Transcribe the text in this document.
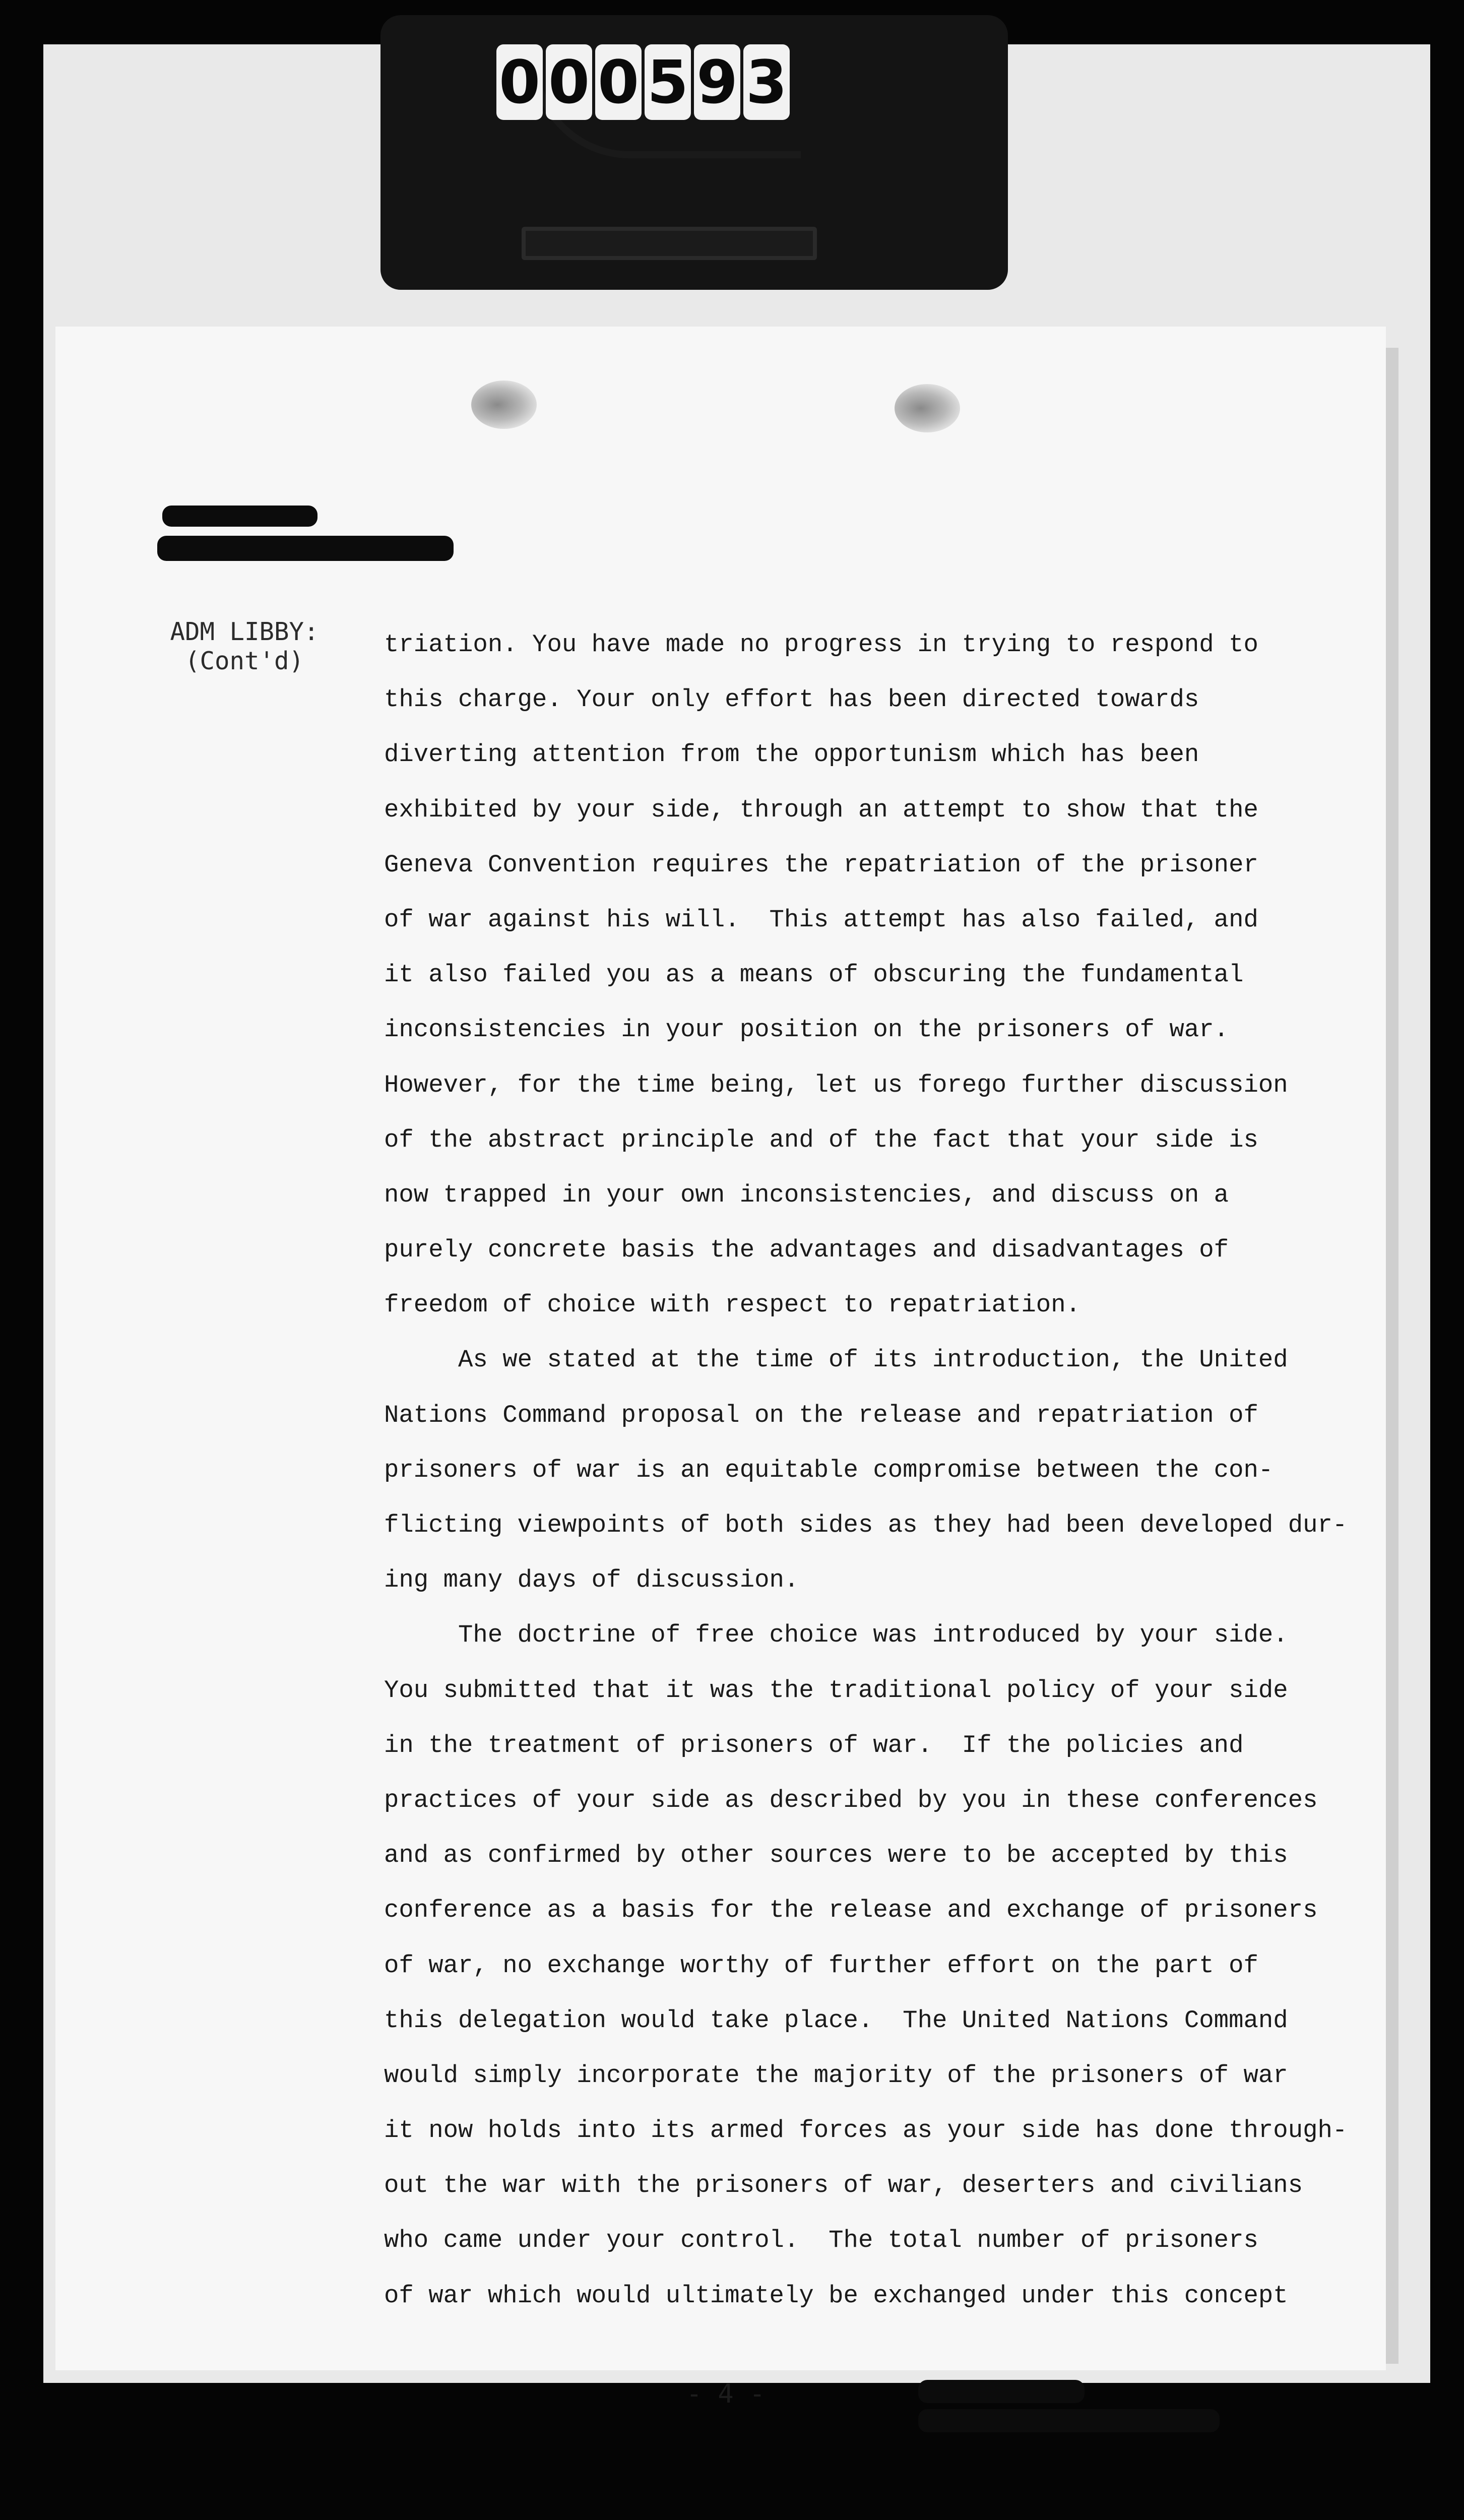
0 0 0 5 9 3
ADM LIBBY:
(Cont'd)
triation. You have made no progress in trying to respond to
this charge. Your only effort has been directed towards
diverting attention from the opportunism which has been
exhibited by your side, through an attempt to show that the
Geneva Convention requires the repatriation of the prisoner
of war against his will.  This attempt has also failed, and
it also failed you as a means of obscuring the fundamental
inconsistencies in your position on the prisoners of war.
However, for the time being, let us forego further discussion
of the abstract principle and of the fact that your side is
now trapped in your own inconsistencies, and discuss on a
purely concrete basis the advantages and disadvantages of
freedom of choice with respect to repatriation.
As we stated at the time of its introduction, the United
Nations Command proposal on the release and repatriation of
prisoners of war is an equitable compromise between the con-
flicting viewpoints of both sides as they had been developed dur-
ing many days of discussion.
The doctrine of free choice was introduced by your side.
You submitted that it was the traditional policy of your side
in the treatment of prisoners of war.  If the policies and
practices of your side as described by you in these conferences
and as confirmed by other sources were to be accepted by this
conference as a basis for the release and exchange of prisoners
of war, no exchange worthy of further effort on the part of
this delegation would take place.  The United Nations Command
would simply incorporate the majority of the prisoners of war
it now holds into its armed forces as your side has done through-
out the war with the prisoners of war, deserters and civilians
who came under your control.  The total number of prisoners
of war which would ultimately be exchanged under this concept
- 4 -
